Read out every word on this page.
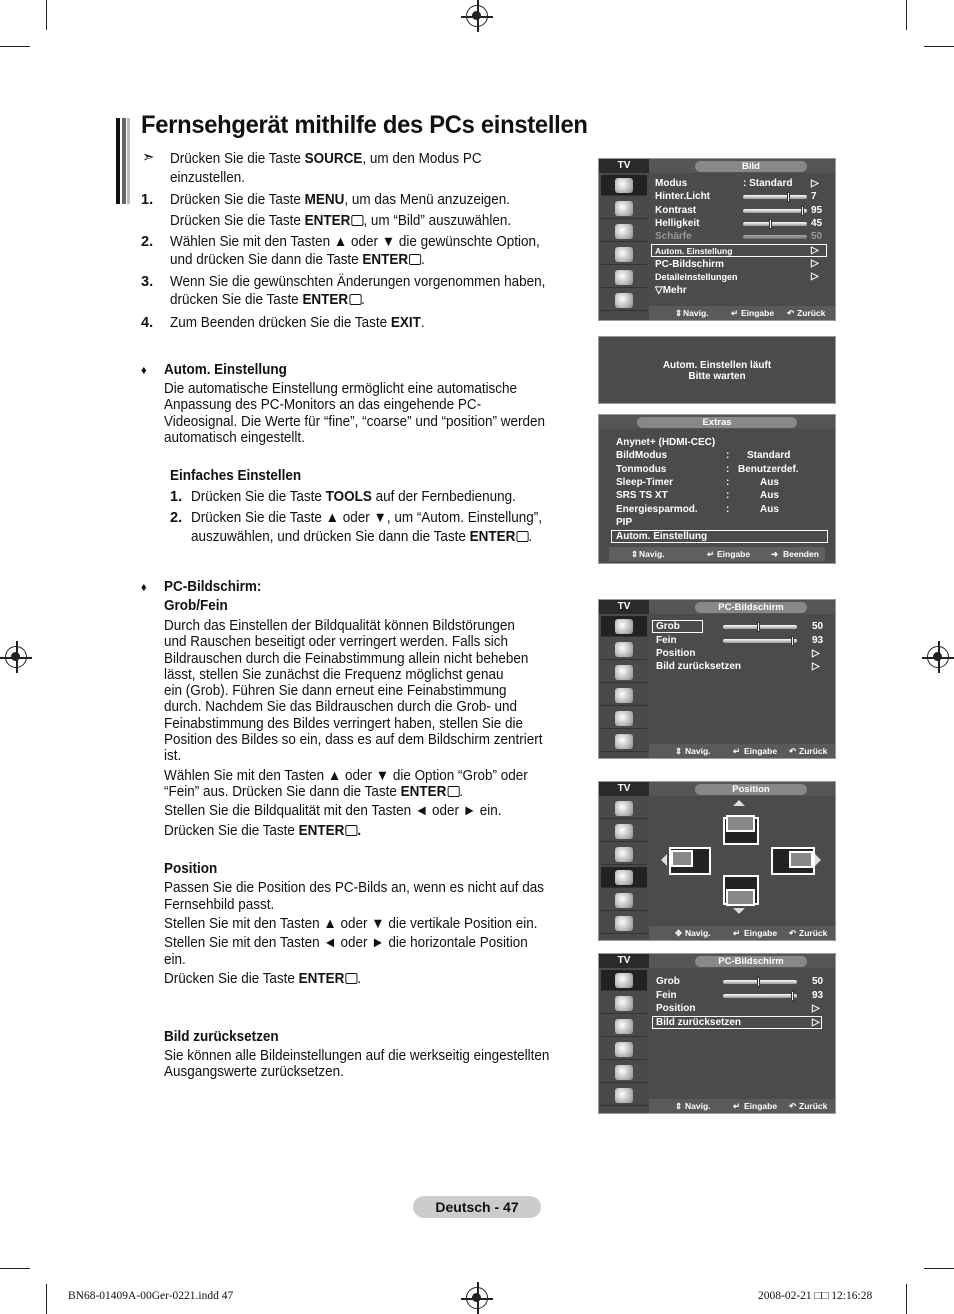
Fernsehgerät mithilfe des PCs einstellen
➣ Drücken Sie die Taste SOURCE, um den Modus PC
einzustellen.
1. Drücken Sie die Taste MENU, um das Menü anzuzeigen.
Drücken Sie die Taste ENTER , um “Bild” auszuwählen.
2. Wählen Sie mit den Tasten ▲ oder ▼ die gewünschte Option,
und drücken Sie dann die Taste ENTER .
3. Wenn Sie die gewünschten Änderungen vorgenommen haben,
drücken Sie die Taste ENTER .
4. Zum Beenden drücken Sie die Taste EXIT.
♦ Autom. Einstellung
Die automatische Einstellung ermöglicht eine automatische
Anpassung des PC-Monitors an das eingehende PC-
Videosignal. Die Werte für “fine”, “coarse” und “position” werden
automatisch eingestellt.
Einfaches Einstellen
1. Drücken Sie die Taste TOOLS auf der Fernbedienung.
2. Drücken Sie die Taste ▲ oder ▼, um “Autom. Einstellung”,
auszuwählen, und drücken Sie dann die Taste ENTER .
♦ PC-Bildschirm:
Grob/Fein
Durch das Einstellen der Bildqualität können Bildstörungen
und Rauschen beseitigt oder verringert werden. Falls sich
Bildrauschen durch die Feinabstimmung allein nicht beheben
lässt, stellen Sie zunächst die Frequenz möglichst genau
ein (Grob). Führen Sie dann erneut eine Feinabstimmung
durch. Nachdem Sie das Bildrauschen durch die Grob- und
Feinabstimmung des Bildes verringert haben, stellen Sie die
Position des Bildes so ein, dass es auf dem Bildschirm zentriert
ist.
Wählen Sie mit den Tasten ▲ oder ▼ die Option “Grob” oder
“Fein” aus. Drücken Sie dann die Taste ENTER .
Stellen Sie die Bildqualität mit den Tasten ◄ oder ► ein.
Drücken Sie die Taste ENTER .
Position
Passen Sie die Position des PC-Bilds an, wenn es nicht auf das
Fernsehbild passt.
Stellen Sie mit den Tasten ▲ oder ▼ die vertikale Position ein.
Stellen Sie mit den Tasten ◄ oder ► die horizontale Position
ein.
Drücken Sie die Taste ENTER .
Bild zurücksetzen
Sie können alle Bildeinstellungen auf die werkseitig eingestellten
Ausgangswerte zurücksetzen.
TV	Bild
Modus	: Standard ▷
Hinter.Licht	7
Kontrast	95
Helligkeit	45
Schärfe	50
Autom. Einstellung	▷
PC-Bildschirm	▷
Detaileinstellungen	▷
▽Mehr
⇕ Navig.	↵ Eingabe ↶ Zurück
Autom. Einstellen läuft
Bitte warten
Extras
Anynet+ (HDMI-CEC)
BildModus	: Standard
Tonmodus	: Benutzerdef.
Sleep-Timer	:	Aus
SRS TS XT	:	Aus
Energiesparmod.	:	Aus
PIP
Autom. Einstellung
⇕ Navig.	↵ Eingabe ➜ Beenden
TV	PC-Bildschirm
Grob	50
Fein	93
Position	▷
Bild zurücksetzen	▷
⇕ Navig.	↵ Eingabe ↶ Zurück
TV	Position
✥ Navig.	↵ Eingabe ↶ Zurück
TV	PC-Bildschirm
Grob	50
Fein	93
Position	▷
Bild zurücksetzen	▷
⇕ Navig.	↵ Eingabe ↶ Zurück
Deutsch - 47
BN68-01409A-00Ger-0221.indd 47	2008-02-21 □□ 12:16:28
